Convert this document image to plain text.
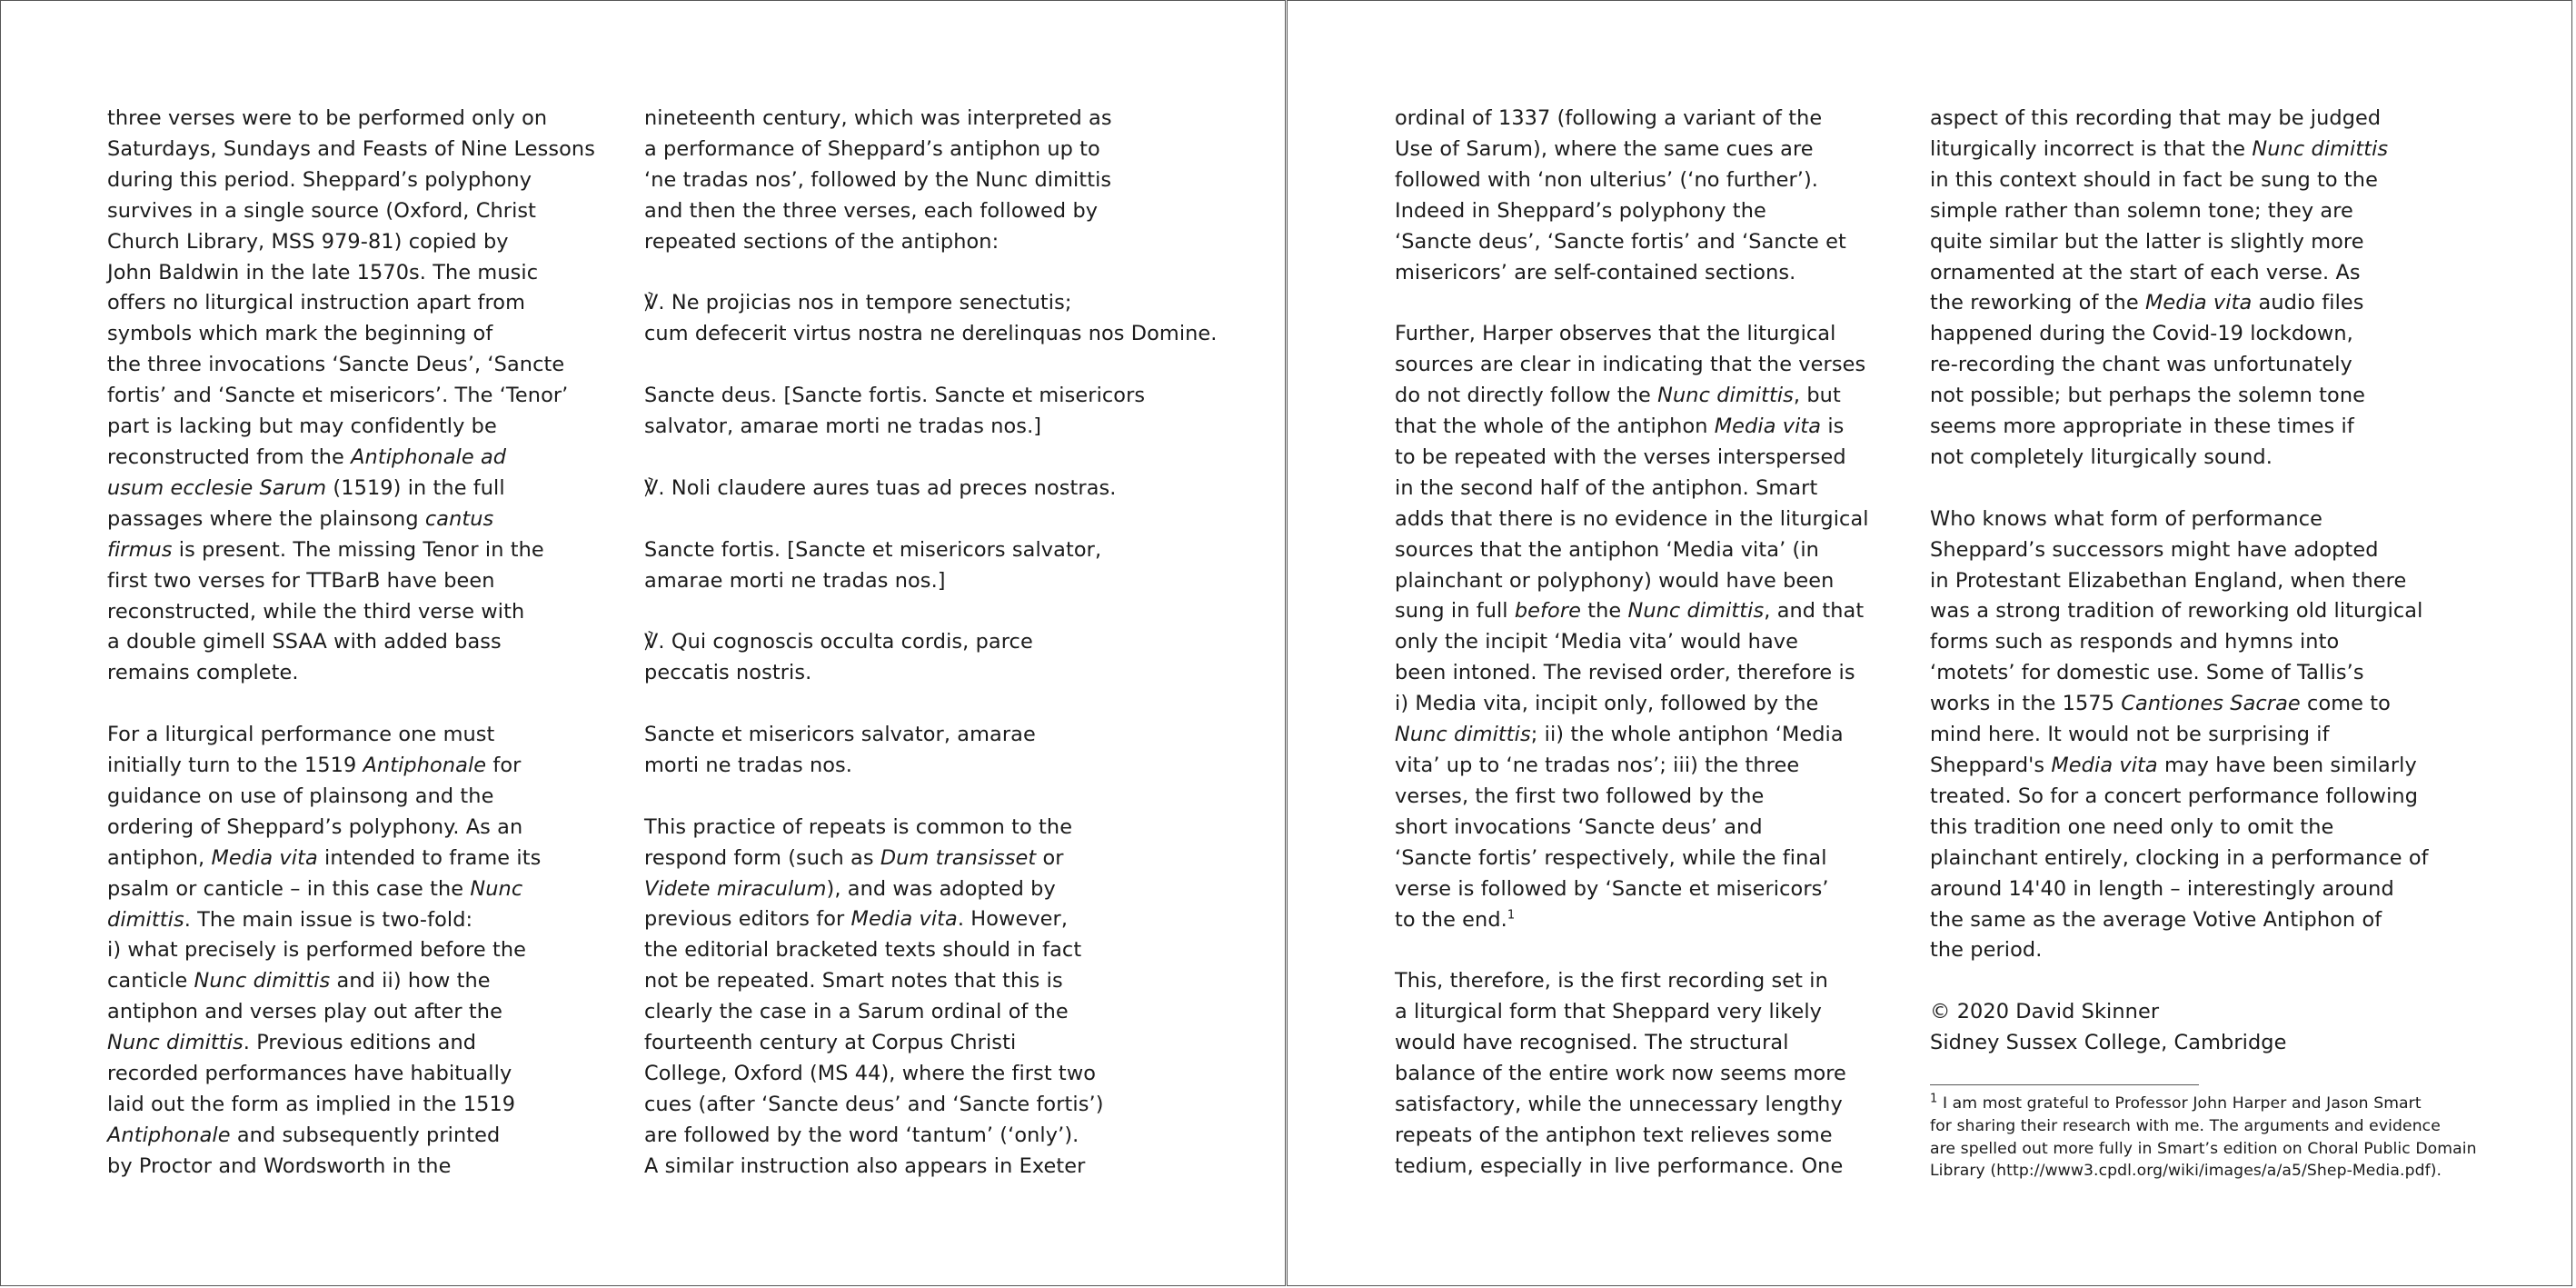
three verses were to be performed only on
Saturdays, Sundays and Feasts of Nine Lessons
during this period. Sheppard’s polyphony
survives in a single source (Oxford, Christ
Church Library, MSS 979-81) copied by
John Baldwin in the late 1570s. The music
offers no liturgical instruction apart from
symbols which mark the beginning of
the three invocations ‘Sancte Deus’, ‘Sancte
fortis’ and ‘Sancte et misericors’. The ‘Tenor’
part is lacking but may confidently be
reconstructed from the Antiphonale ad
usum ecclesie Sarum (1519) in the full
passages where the plainsong cantus
firmus is present. The missing Tenor in the
first two verses for TTBarB have been
reconstructed, while the third verse with
a double gimell SSAA with added bass
remains complete.
For a liturgical performance one must
initially turn to the 1519 Antiphonale for
guidance on use of plainsong and the
ordering of Sheppard’s polyphony. As an
antiphon, Media vita intended to frame its
psalm or canticle – in this case the Nunc
dimittis. The main issue is two-fold:
i) what precisely is performed before the
canticle Nunc dimittis and ii) how the
antiphon and verses play out after the
Nunc dimittis. Previous editions and
recorded performances have habitually
laid out the form as implied in the 1519
Antiphonale and subsequently printed
by Proctor and Wordsworth in the
nineteenth century, which was interpreted as
a performance of Sheppard’s antiphon up to
‘ne tradas nos’, followed by the Nunc dimittis
and then the three verses, each followed by
repeated sections of the antiphon:
℣. Ne projicias nos in tempore senectutis;
cum defecerit virtus nostra ne derelinquas nos Domine.
Sancte deus. [Sancte fortis. Sancte et misericors
salvator, amarae morti ne tradas nos.]
℣. Noli claudere aures tuas ad preces nostras.
Sancte fortis. [Sancte et misericors salvator,
amarae morti ne tradas nos.]
℣. Qui cognoscis occulta cordis, parce
peccatis nostris.
Sancte et misericors salvator, amarae
morti ne tradas nos.
This practice of repeats is common to the
respond form (such as Dum transisset or
Videte miraculum), and was adopted by
previous editors for Media vita. However,
the editorial bracketed texts should in fact
not be repeated. Smart notes that this is
clearly the case in a Sarum ordinal of the
fourteenth century at Corpus Christi
College, Oxford (MS 44), where the first two
cues (after ‘Sancte deus’ and ‘Sancte fortis’)
are followed by the word ‘tantum’ (‘only’).
A similar instruction also appears in Exeter
ordinal of 1337 (following a variant of the
Use of Sarum), where the same cues are
followed with ‘non ulterius’ (‘no further’).
Indeed in Sheppard’s polyphony the
‘Sancte deus’, ‘Sancte fortis’ and ‘Sancte et
misericors’ are self-contained sections.
Further, Harper observes that the liturgical
sources are clear in indicating that the verses
do not directly follow the Nunc dimittis, but
that the whole of the antiphon Media vita is
to be repeated with the verses interspersed
in the second half of the antiphon. Smart
adds that there is no evidence in the liturgical
sources that the antiphon ‘Media vita’ (in
plainchant or polyphony) would have been
sung in full before the Nunc dimittis, and that
only the incipit ‘Media vita’ would have
been intoned. The revised order, therefore is
i) Media vita, incipit only, followed by the
Nunc dimittis; ii) the whole antiphon ‘Media
vita’ up to ‘ne tradas nos’; iii) the three
verses, the first two followed by the
short invocations ‘Sancte deus’ and
‘Sancte fortis’ respectively, while the final
verse is followed by ‘Sancte et misericors’
to the end.$^1$
This, therefore, is the first recording set in
a liturgical form that Sheppard very likely
would have recognised. The structural
balance of the entire work now seems more
satisfactory, while the unnecessary lengthy
repeats of the antiphon text relieves some
tedium, especially in live performance. One
aspect of this recording that may be judged
liturgically incorrect is that the Nunc dimittis
in this context should in fact be sung to the
simple rather than solemn tone; they are
quite similar but the latter is slightly more
ornamented at the start of each verse. As
the reworking of the Media vita audio files
happened during the Covid-19 lockdown,
re-recording the chant was unfortunately
not possible; but perhaps the solemn tone
seems more appropriate in these times if
not completely liturgically sound.
Who knows what form of performance
Sheppard’s successors might have adopted
in Protestant Elizabethan England, when there
was a strong tradition of reworking old liturgical
forms such as responds and hymns into
‘motets’ for domestic use. Some of Tallis’s
works in the 1575 Cantiones Sacrae come to
mind here. It would not be surprising if
Sheppard's Media vita may have been similarly
treated. So for a concert performance following
this tradition one need only to omit the
plainchant entirely, clocking in a performance of
around 14'40 in length – interestingly around
the same as the average Votive Antiphon of
the period.
© 2020 David Skinner
Sidney Sussex College, Cambridge
$^1$ I am most grateful to Professor John Harper and Jason Smart
for sharing their research with me. The arguments and evidence
are spelled out more fully in Smart’s edition on Choral Public Domain
Library (http://www3.cpdl.org/wiki/images/a/a5/Shep-Media.pdf).
